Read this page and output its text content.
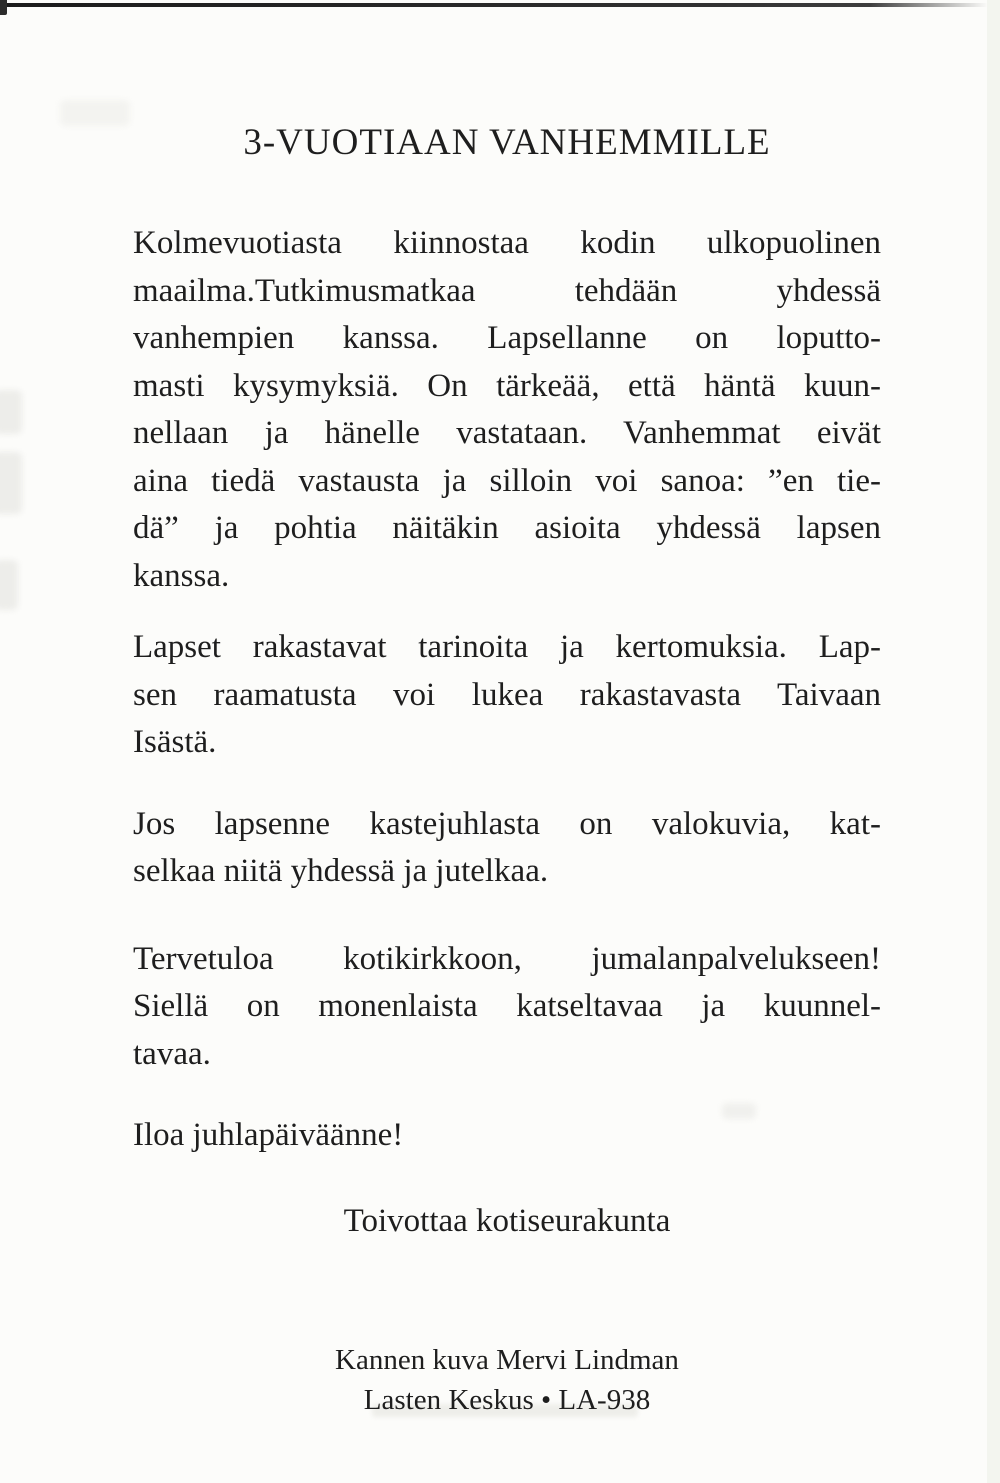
3-VUOTIAAN VANHEMMILLE

Kolmevuotiasta kiinnostaa kodin ulkopuolinen
maailma.Tutkimusmatkaa tehdään yhdessä
vanhempien kanssa. Lapsellanne on loputto-
masti kysymyksiä. On tärkeää, että häntä kuun-
nellaan ja hänelle vastataan. Vanhemmat eivät
aina tiedä vastausta ja silloin voi sanoa: ”en tie-
dä” ja pohtia näitäkin asioita yhdessä lapsen
kanssa.

Lapset rakastavat tarinoita ja kertomuksia. Lap-
sen raamatusta voi lukea rakastavasta Taivaan
Isästä.

Jos lapsenne kastejuhlasta on valokuvia, kat-
selkaa niitä yhdessä ja jutelkaa.

Tervetuloa kotikirkkoon, jumalanpalvelukseen!
Siellä on monenlaista katseltavaa ja kuunnel-
tavaa.

Iloa juhlapäiväänne!

Toivottaa kotiseurakunta
Kannen kuva Mervi Lindman
Lasten Keskus • LA-938
